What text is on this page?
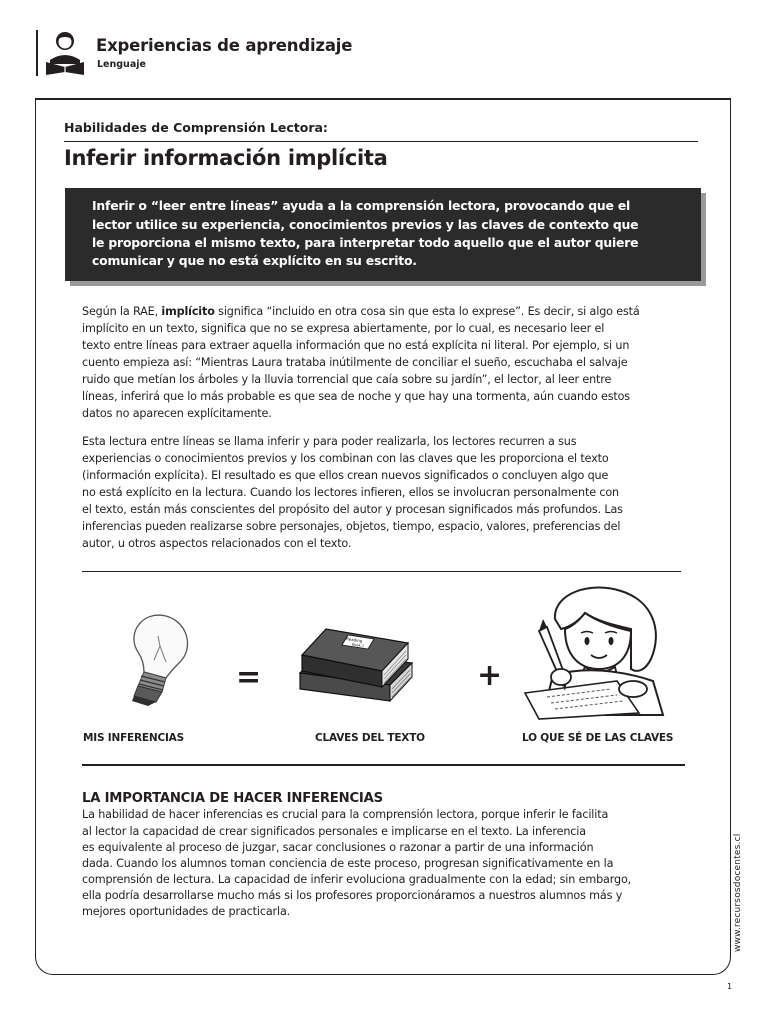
Experiencias de aprendizaje
Lenguaje
Habilidades de Comprensión Lectora:
Inferir información implícita
Inferir o “leer entre líneas” ayuda a la comprensión lectora, provocando que el
lector utilice su experiencia, conocimientos previos y las claves de contexto que
le proporciona el mismo texto, para interpretar todo aquello que el autor quiere
comunicar y que no está explícito en su escrito.
Según la RAE, implícito significa “incluido en otra cosa sin que esta lo exprese”. Es decir, si algo está
implícito en un texto, significa que no se expresa abiertamente, por lo cual, es necesario leer el
texto entre líneas para extraer aquella información que no está explícita ni literal. Por ejemplo, si un
cuento empieza así: “Mientras Laura trataba inútilmente de conciliar el sueño, escuchaba el salvaje
ruido que metían los árboles y la lluvia torrencial que caía sobre su jardín”, el lector, al leer entre
líneas, inferirá que lo más probable es que sea de noche y que hay una tormenta, aún cuando estos
datos no aparecen explícitamente.
Esta lectura entre líneas se llama inferir y para poder realizarla, los lectores recurren a sus
experiencias o conocimientos previos y los combinan con las claves que les proporciona el texto
(información explícita). El resultado es que ellos crean nuevos significados o concluyen algo que
no está explícito en la lectura. Cuando los lectores infieren, ellos se involucran personalmente con
el texto, están más conscientes del propósito del autor y procesan significados más profundos. Las
inferencias pueden realizarse sobre personajes, objetos, tiempo, espacio, valores, preferencias del
autor, u otros aspectos relacionados con el texto.
=
Reading
Book 1
+
MIS INFERENCIAS	CLAVES DEL TEXTO	LO QUE SÉ DE LAS CLAVES
LA IMPORTANCIA DE HACER INFERENCIAS
La habilidad de hacer inferencias es crucial para la comprensión lectora, porque inferir le facilita
al lector la capacidad de crear significados personales e implicarse en el texto. La inferencia
es equivalente al proceso de juzgar, sacar conclusiones o razonar a partir de una información
dada. Cuando los alumnos toman conciencia de este proceso, progresan significativamente en la
comprensión de lectura. La capacidad de inferir evoluciona gradualmente con la edad; sin embargo,
ella podría desarrollarse mucho más si los profesores proporcionáramos a nuestros alumnos más y
mejores oportunidades de practicarla.	www.recursosdocentes.cl
1
